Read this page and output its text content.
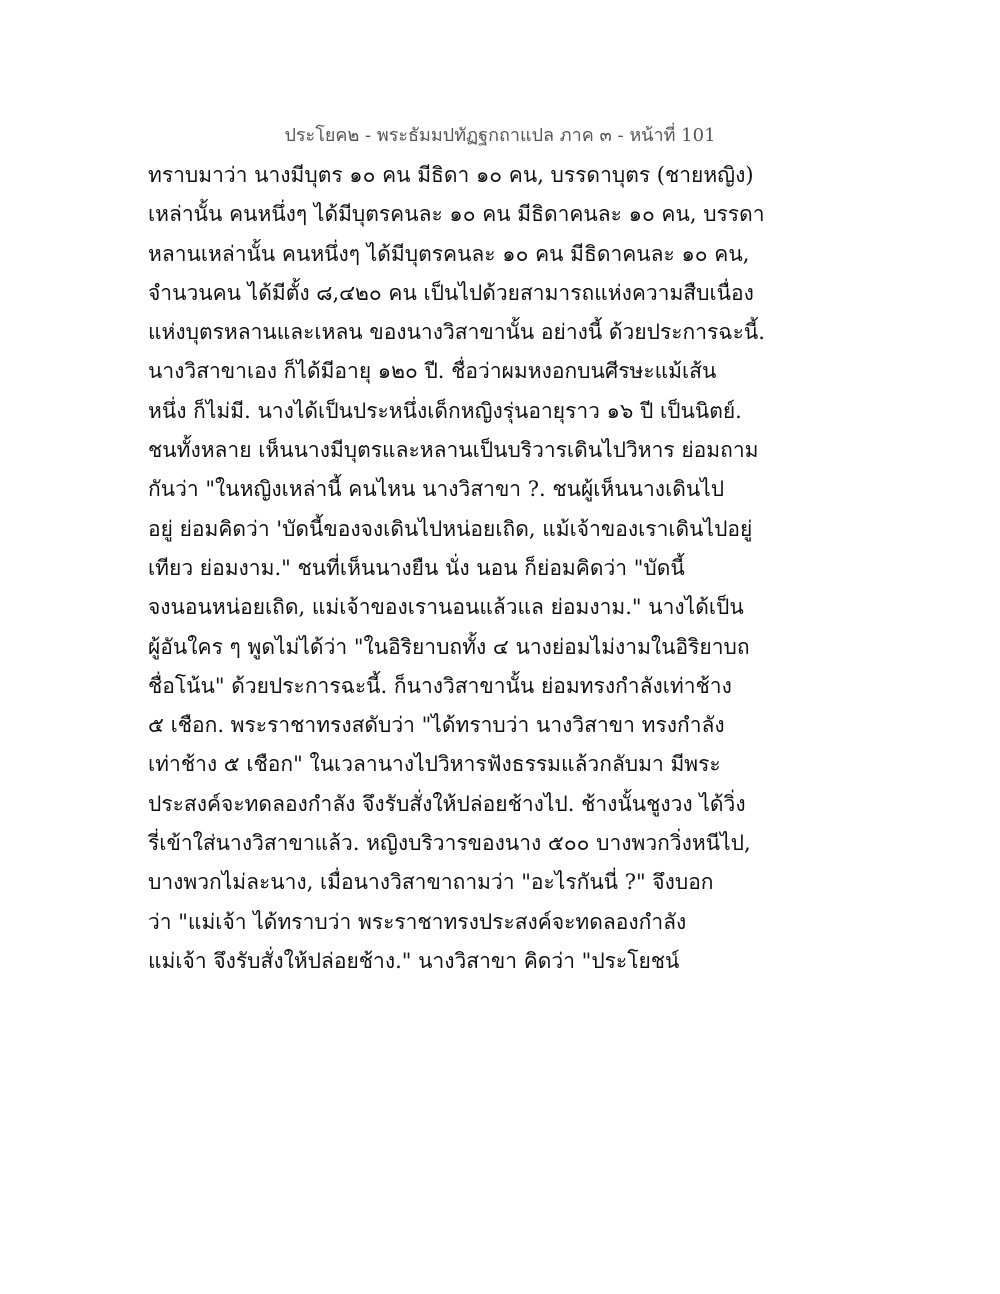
ประโยค๒ - พระธัมมปทัฏฐกถาแปล ภาค ๓ - หน้าที่ 101
ทราบมาว่า นางมีบุตร ๑๐ คน มีธิดา ๑๐ คน, บรรดาบุตร (ชายหญิง)
เหล่านั้น คนหนึ่งๆ ได้มีบุตรคนละ ๑๐ คน มีธิดาคนละ ๑๐ คน, บรรดา
หลานเหล่านั้น คนหนึ่งๆ ได้มีบุตรคนละ ๑๐ คน มีธิดาคนละ ๑๐ คน,
จำนวนคน ได้มีตั้ง ๘,๔๒๐ คน เป็นไปด้วยสามารถแห่งความสืบเนื่อง
แห่งบุตรหลานและเหลน ของนางวิสาขานั้น อย่างนี้ ด้วยประการฉะนี้.
นางวิสาขาเอง ก็ได้มีอายุ ๑๒๐ ปี. ชื่อว่าผมหงอกบนศีรษะแม้เส้น
หนึ่ง ก็ไม่มี. นางได้เป็นประหนึ่งเด็กหญิงรุ่นอายุราว ๑๖ ปี เป็นนิตย์.
ชนทั้งหลาย เห็นนางมีบุตรและหลานเป็นบริวารเดินไปวิหาร ย่อมถาม
กันว่า "ในหญิงเหล่านี้ คนไหน นางวิสาขา ?. ชนผู้เห็นนางเดินไป
อยู่ ย่อมคิดว่า 'บัดนี้ของจงเดินไปหน่อยเถิด, แม้เจ้าของเราเดินไปอยู่
เทียว ย่อมงาม." ชนที่เห็นนางยืน นั่ง นอน ก็ย่อมคิดว่า "บัดนี้
จงนอนหน่อยเถิด, แม่เจ้าของเรานอนแล้วแล ย่อมงาม." นางได้เป็น
ผู้อันใคร ๆ พูดไม่ได้ว่า "ในอิริยาบถทั้ง ๔ นางย่อมไม่งามในอิริยาบถ
ชื่อโน้น" ด้วยประการฉะนี้. ก็นางวิสาขานั้น ย่อมทรงกำลังเท่าช้าง
๕ เชือก. พระราชาทรงสดับว่า "ได้ทราบว่า นางวิสาขา ทรงกำลัง
เท่าช้าง ๕ เชือก" ในเวลานางไปวิหารฟังธรรมแล้วกลับมา มีพระ
ประสงค์จะทดลองกำลัง จึงรับสั่งให้ปล่อยช้างไป. ช้างนั้นชูงวง ได้วิ่ง
รี่เข้าใส่นางวิสาขาแล้ว. หญิงบริวารของนาง ๕๐๐ บางพวกวิ่งหนีไป,
บางพวกไม่ละนาง, เมื่อนางวิสาขาถามว่า "อะไรกันนี่ ?" จึงบอก
ว่า "แม่เจ้า ได้ทราบว่า พระราชาทรงประสงค์จะทดลองกำลัง
แม่เจ้า จึงรับสั่งให้ปล่อยช้าง." นางวิสาขา คิดว่า "ประโยชน์
